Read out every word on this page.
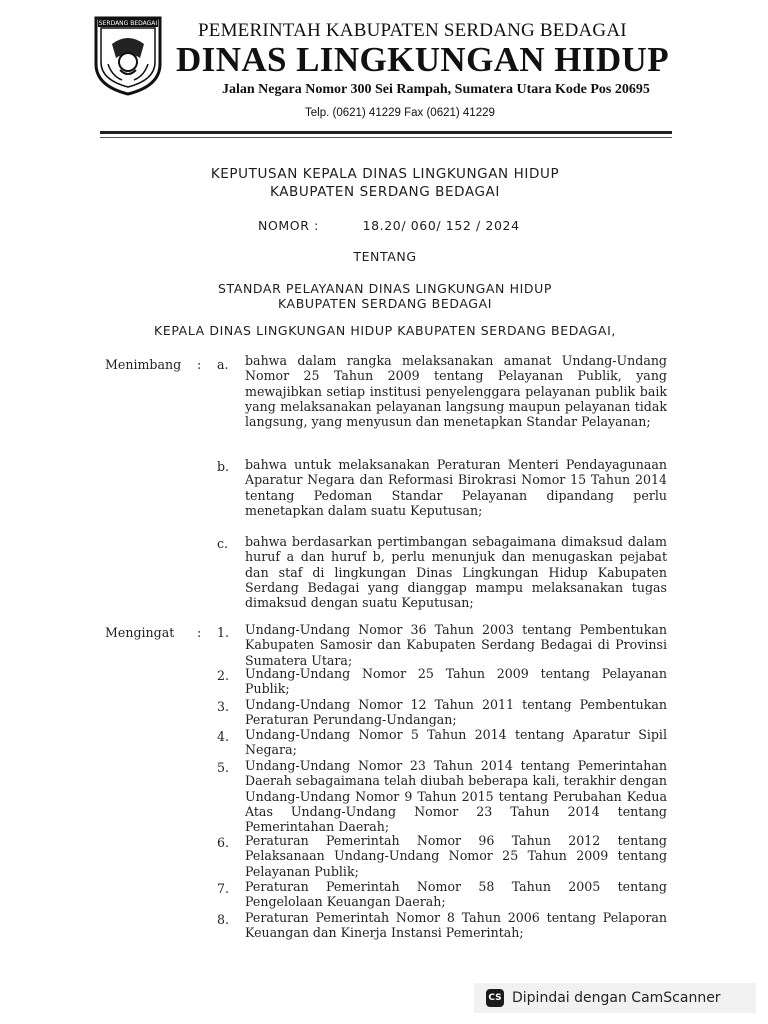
SERDANG BEDAGAI PEMERINTAH KABUPATEN SERDANG BEDAGAI
DINAS LINGKUNGAN HIDUP
Jalan Negara Nomor 300 Sei Rampah, Sumatera Utara Kode Pos 20695
Telp. (0621) 41229 Fax (0621) 41229
KEPUTUSAN KEPALA DINAS LINGKUNGAN HIDUP
KABUPATEN SERDANG BEDAGAI
NOMOR :	18.20/ 060/ 152 / 2024
TENTANG
STANDAR PELAYANAN DINAS LINGKUNGAN HIDUP
KABUPATEN SERDANG BEDAGAI
KEPALA DINAS LINGKUNGAN HIDUP KABUPATEN SERDANG BEDAGAI,
Menimbang : a. bahwa dalam rangka melaksanakan amanat Undang-Undang Nomor 25 Tahun 2009 tentang Pelayanan Publik, yang mewajibkan setiap institusi penyelenggara pelayanan publik baik yang melaksanakan pelayanan langsung maupun pelayanan tidak langsung, yang menyusun dan menetapkan Standar Pelayanan;
b. bahwa untuk melaksanakan Peraturan Menteri Pendayagunaan Aparatur Negara dan Reformasi Birokrasi Nomor 15 Tahun 2014 tentang Pedoman Standar Pelayanan dipandang perlu menetapkan dalam suatu Keputusan;
c. bahwa berdasarkan pertimbangan sebagaimana dimaksud dalam huruf a dan huruf b, perlu menunjuk dan menugaskan pejabat dan staf di lingkungan Dinas Lingkungan Hidup Kabupaten Serdang Bedagai yang dianggap mampu melaksanakan tugas dimaksud dengan suatu Keputusan;
Mengingat : 1. Undang-Undang Nomor 36 Tahun 2003 tentang Pembentukan Kabupaten Samosir dan Kabupaten Serdang Bedagai di Provinsi Sumatera Utara;
2. Undang-Undang Nomor 25 Tahun 2009 tentang Pelayanan Publik;
3. Undang-Undang Nomor 12 Tahun 2011 tentang Pembentukan Peraturan Perundang-Undangan;
4. Undang-Undang Nomor 5 Tahun 2014 tentang Aparatur Sipil Negara;
5. Undang-Undang Nomor 23 Tahun 2014 tentang Pemerintahan Daerah sebagaimana telah diubah beberapa kali, terakhir dengan Undang-Undang Nomor 9 Tahun 2015 tentang Perubahan Kedua Atas Undang-Undang Nomor 23 Tahun 2014 tentang Pemerintahan Daerah;
6. Peraturan Pemerintah Nomor 96 Tahun 2012 tentang Pelaksanaan Undang-Undang Nomor 25 Tahun 2009 tentang Pelayanan Publik;
7. Peraturan Pemerintah Nomor 58 Tahun 2005 tentang Pengelolaan Keuangan Daerah;
8. Peraturan Pemerintah Nomor 8 Tahun 2006 tentang Pelaporan Keuangan dan Kinerja Instansi Pemerintah;
CS Dipindai dengan CamScanner
